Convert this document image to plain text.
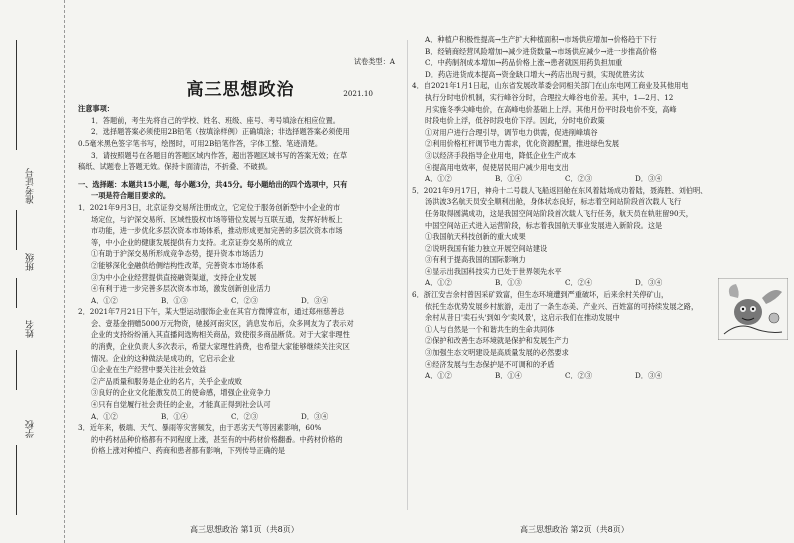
准考证号
班级
姓名
学校
试卷类型：A
高三思想政治	2021.10
注意事项：
1．答题前，考生先将自己的学校、姓名、班级、座号、考号填涂在相应位置。
2．选择题答案必须使用2B铅笔（按填涂样例）正确填涂；非选择题答案必须使用
0.5毫米黑色签字笔书写，绘图时，可用2B铅笔作答，字体工整、笔迹清楚。
3．请按照题号在各题目的答题区域内作答，超出答题区域书写的答案无效；在草
稿纸、试题卷上答题无效。保持卡面清洁，不折叠、不破损。
一、选择题：本题共15小题，每小题3分，共45分。每小题给出的四个选项中，只有
一项是符合题目要求的。
1．2021年9月3日，北京证券交易所注册成立，它定位于服务创新型中小企业的市
场定位，与沪深交易所、区域性股权市场等错位发展与互联互通，发挥好转板上
市功能，进一步优化多层次资本市场体系，推动形成更加完善的多层次资本市场
等，中小企业的健康发展提供有力支持。北京证券交易所的成立
①有助于沪深交易所形成竞争态势，提升资本市场活力
②能够深化金融供给侧结构性改革，完善资本市场体系
③为中小企业经营提供直接融资渠道，支持企业发展
④有利于进一步完善多层次资本市场，激发创新创业活力
A．①②	B．①③	C．②③	D．③④
2．2021年7月21日下午，某大型运动服饰企业在其官方微博宣布，通过郑州慈善总
会、壹基金捐赠5000万元物资，驰援河南灾区，消息发布后，众多网友为了表示对
企业的支持纷纷涌入其直播间选购相关商品，致使很多商品断货。对于大家非理性
的消费，企业负责人多次表示，希望大家理性消费，也希望大家能够继续关注灾区
情况。企业的这种做法是成功的，它启示企业
①企业在生产经营中要关注社会效益
②产品质量和服务是企业的名片，关乎企业成败
③良好的企业文化能激发员工的使命感，增强企业竞争力
④只有自觉履行社会责任的企业，才能真正得到社会认可
A．①②	B．①④	C．②③	D．③④
3．近年来，极端、天气、暴雨等灾害频发，由于恶劣天气等因素影响，60%
的中药材品种价格都有不同程度上涨，甚至有的中药材价格翻番。中药材价格的
价格上涨对种植户、药商和患者都有影响，下列传导正确的是
高三思想政治 第1页（共8页）
A．种植户积极性提高→生产扩大种植面积→市场供应增加→价格趋于下行
B．经销商经营风险增加→减少进货数量→市场供应减少→进一步推高价格
C．中药制剂成本增加→药品价格上涨→患者就医用药负担加重
D．药店进货成本提高→资金缺口增大→药店出现亏损，实现优胜劣汰
4．自2021年1月1日起，山东省发展改革委会同相关部门在山东电网工商业及其他用电
执行分时电价机制，实行峰谷分时，合理拉大峰谷电价差。其中，1—2月、12
月实施冬季尖峰电价，在高峰电价基础上上浮。其他月份平时段电价不变，高峰
时段电价上浮，低谷时段电价下浮。因此，分时电价政策
①对用户进行合理引导，调节电力供需，促进削峰填谷
②利用价格杠杆调节电力需求，优化资源配置，推进绿色发展
③以经济手段指导企业用电，降低企业生产成本
④提高用电效率，促使居民用户减少用电支出
A．①②	B．①④	C．②③	D．③④
5．2021年9月17日，神舟十二号载人飞船返回舱在东风着陆场成功着陆，聂海胜、刘伯明、
汤洪波3名航天员安全顺利出舱，身体状态良好，标志着空间站阶段首次载人飞行
任务取得圆满成功，这是我国空间站阶段首次载人飞行任务，航天员在轨驻留90天，
中国空间站正式进入运营阶段，标志着我国航天事业发展进入新阶段。这是
①我国航天科技创新的重大成果
②说明我国有能力独立开展空间站建设
③有利于提高我国的国际影响力
④显示出我国科技实力已处于世界领先水平
A．①②	B．①③	C．②④	D．③④
6．浙江安吉余村曾因采矿致富，但生态环境遭到严重破坏，后来余村关停矿山，
依托生态优势发展乡村旅游，走出了一条生态美、产业兴、百姓富的可持续发展之路，
余村从昔日'卖石头'到如今'卖风景'，这启示我们在推动发展中
①人与自然是一个和谐共生的生命共同体
②保护和改善生态环境就是保护和发展生产力
③加强生态文明建设是高质量发展的必然要求
④经济发展与生态保护是不可调和的矛盾
A．①②	B．①④	C．②③	D．③④
高三思想政治 第2页（共8页）
